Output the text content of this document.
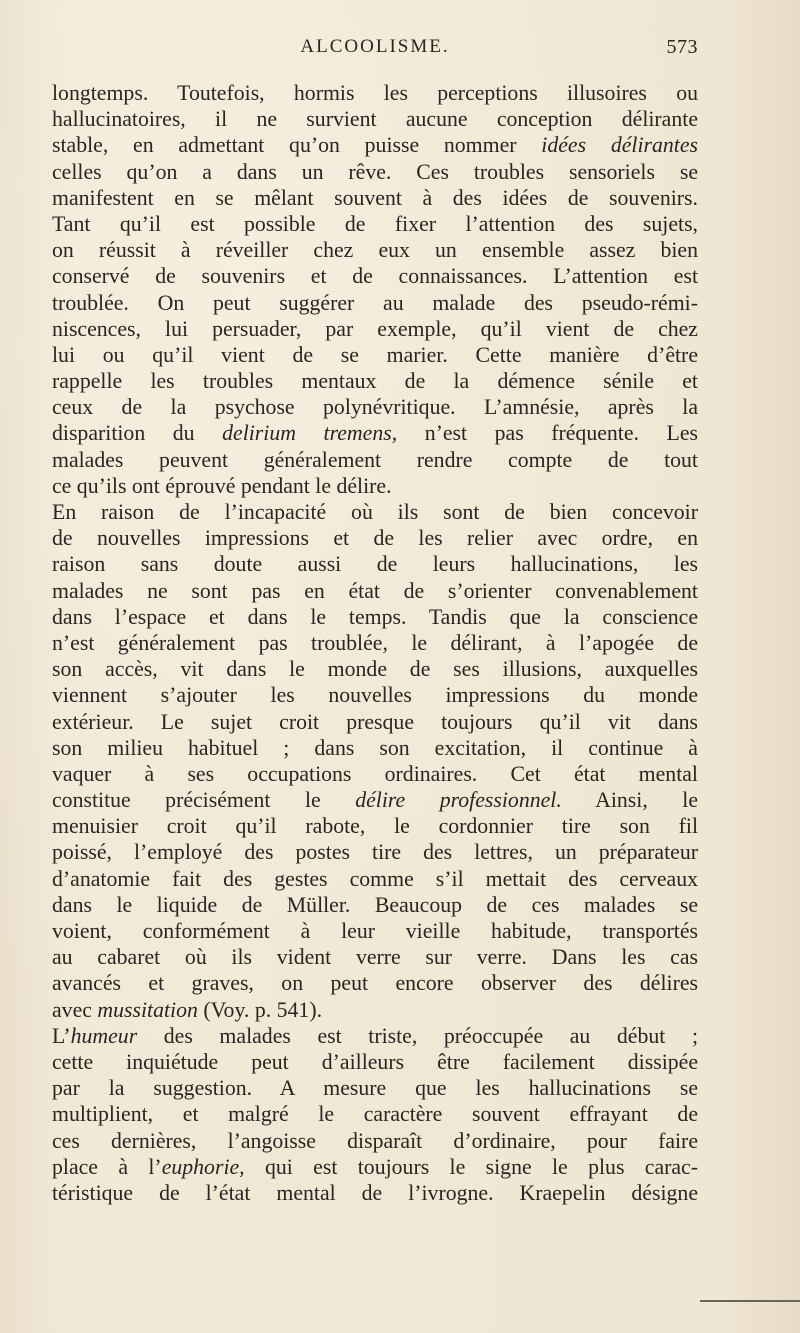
ALCOOLISME.	573
longtemps. Toutefois, hormis les perceptions illusoires ou
hallucinatoires, il ne survient aucune conception délirante
stable, en admettant qu’on puisse nommer idées délirantes
celles qu’on a dans un rêve. Ces troubles sensoriels se
manifestent en se mêlant souvent à des idées de souvenirs.
Tant qu’il est possible de fixer l’attention des sujets,
on réussit à réveiller chez eux un ensemble assez bien
conservé de souvenirs et de connaissances. L’attention est
troublée. On peut suggérer au malade des pseudo-rémi-
niscences, lui persuader, par exemple, qu’il vient de chez
lui ou qu’il vient de se marier. Cette manière d’être
rappelle les troubles mentaux de la démence sénile et
ceux de la psychose polynévritique. L’amnésie, après la
disparition du delirium tremens, n’est pas fréquente. Les
malades peuvent généralement rendre compte de tout
ce qu’ils ont éprouvé pendant le délire.
En raison de l’incapacité où ils sont de bien concevoir
de nouvelles impressions et de les relier avec ordre, en
raison sans doute aussi de leurs hallucinations, les
malades ne sont pas en état de s’orienter convenablement
dans l’espace et dans le temps. Tandis que la conscience
n’est généralement pas troublée, le délirant, à l’apogée de
son accès, vit dans le monde de ses illusions, auxquelles
viennent s’ajouter les nouvelles impressions du monde
extérieur. Le sujet croit presque toujours qu’il vit dans
son milieu habituel ; dans son excitation, il continue à
vaquer à ses occupations ordinaires. Cet état mental
constitue précisément le délire professionnel. Ainsi, le
menuisier croit qu’il rabote, le cordonnier tire son fil
poissé, l’employé des postes tire des lettres, un préparateur
d’anatomie fait des gestes comme s’il mettait des cerveaux
dans le liquide de Müller. Beaucoup de ces malades se
voient, conformément à leur vieille habitude, transportés
au cabaret où ils vident verre sur verre. Dans les cas
avancés et graves, on peut encore observer des délires
avec mussitation (Voy. p. 541).
L’humeur des malades est triste, préoccupée au début ;
cette inquiétude peut d’ailleurs être facilement dissipée
par la suggestion. A mesure que les hallucinations se
multiplient, et malgré le caractère souvent effrayant de
ces dernières, l’angoisse disparaît d’ordinaire, pour faire
place à l’euphorie, qui est toujours le signe le plus carac-
téristique de l’état mental de l’ivrogne. Kraepelin désigne
